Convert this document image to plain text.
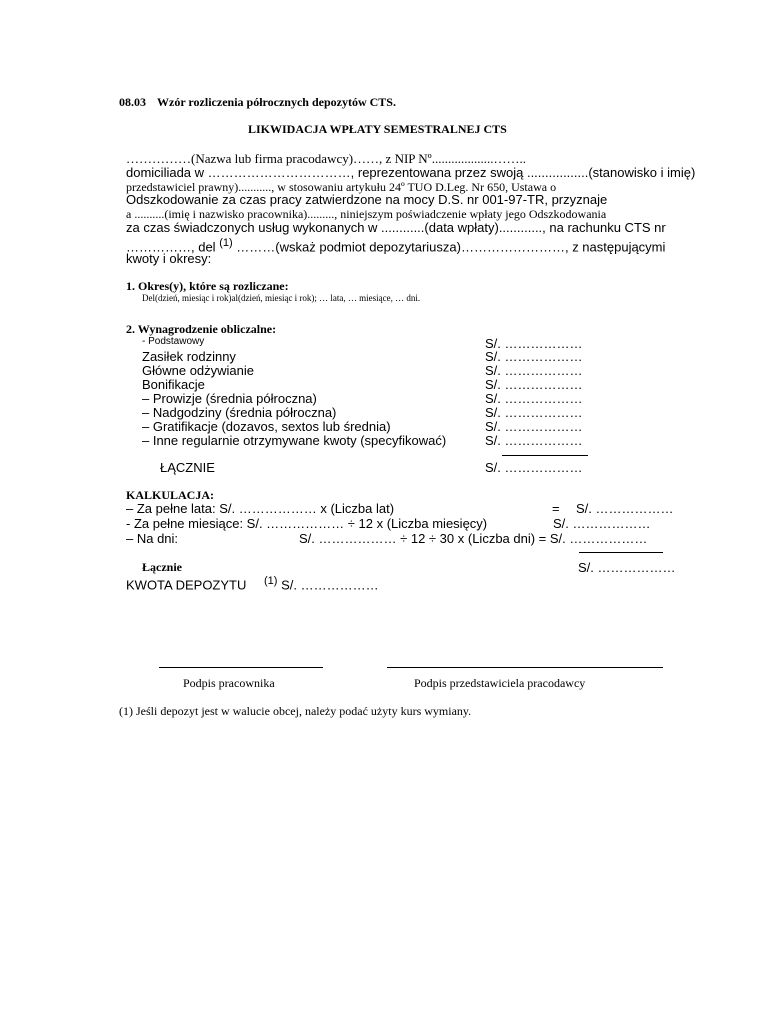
08.03 Wzór rozliczenia półrocznych depozytów CTS.
LIKWIDACJA WPŁATY SEMESTRALNEJ CTS
……………(Nazwa lub firma pracodawcy)……, z NIP Nº...................……..
domiciliada w ……………………………, reprezentowana przez swoją .................(stanowisko i imię)
przedstawiciel prawny)..........., w stosowaniu artykułu 24º TUO D.Leg. Nr 650, Ustawa o
Odszkodowanie za czas pracy zatwierdzone na mocy D.S. nr 001-97-TR, przyznaje
a ..........(imię i nazwisko pracownika)........., niniejszym poświadczenie wpłaty jego Odszkodowania
za czas świadczonych usług wykonanych w ............(data wpłaty)............, na rachunku CTS nr
……………, del $^{(1)}$ ………(wskaż podmiot depozytariusza)……………………, z następującymi
kwoty i okresy:
1. Okres(y), które są rozliczane:
Del(dzień, miesiąc i rok)al(dzień, miesiąc i rok); … lata, … miesiące, … dni.
2. Wynagrodzenie obliczalne:
- Podstawowy	S/. ………………
Zasiłek rodzinny	S/. ………………
Główne odżywianie	S/. ………………
Bonifikacje	S/. ………………
– Prowizje (średnia półroczna)	S/. ………………
– Nadgodziny (średnia półroczna)	S/. ………………
– Gratifikacje (dozavos, sextos lub średnia)	S/. ………………
– Inne regularnie otrzymywane kwoty (specyfikować)	S/. ………………
ŁĄCZNIE	S/. ………………
KALKULACJA:
– Za pełne lata: S/. ……………… x (Liczba lat)	= S/. ………………
- Za pełne miesiące: S/. ……………… ÷ 12 x (Liczba miesięcy)	S/. ………………
– Na dni:	S/. ……………… ÷ 12 ÷ 30 x (Liczba dni) = S/. ………………
Łącznie	S/. ………………
KWOTA DEPOZYTU $^{(1)}$ S/. ………………
Podpis pracownika	Podpis przedstawiciela pracodawcy
(1) Jeśli depozyt jest w walucie obcej, należy podać użyty kurs wymiany.
